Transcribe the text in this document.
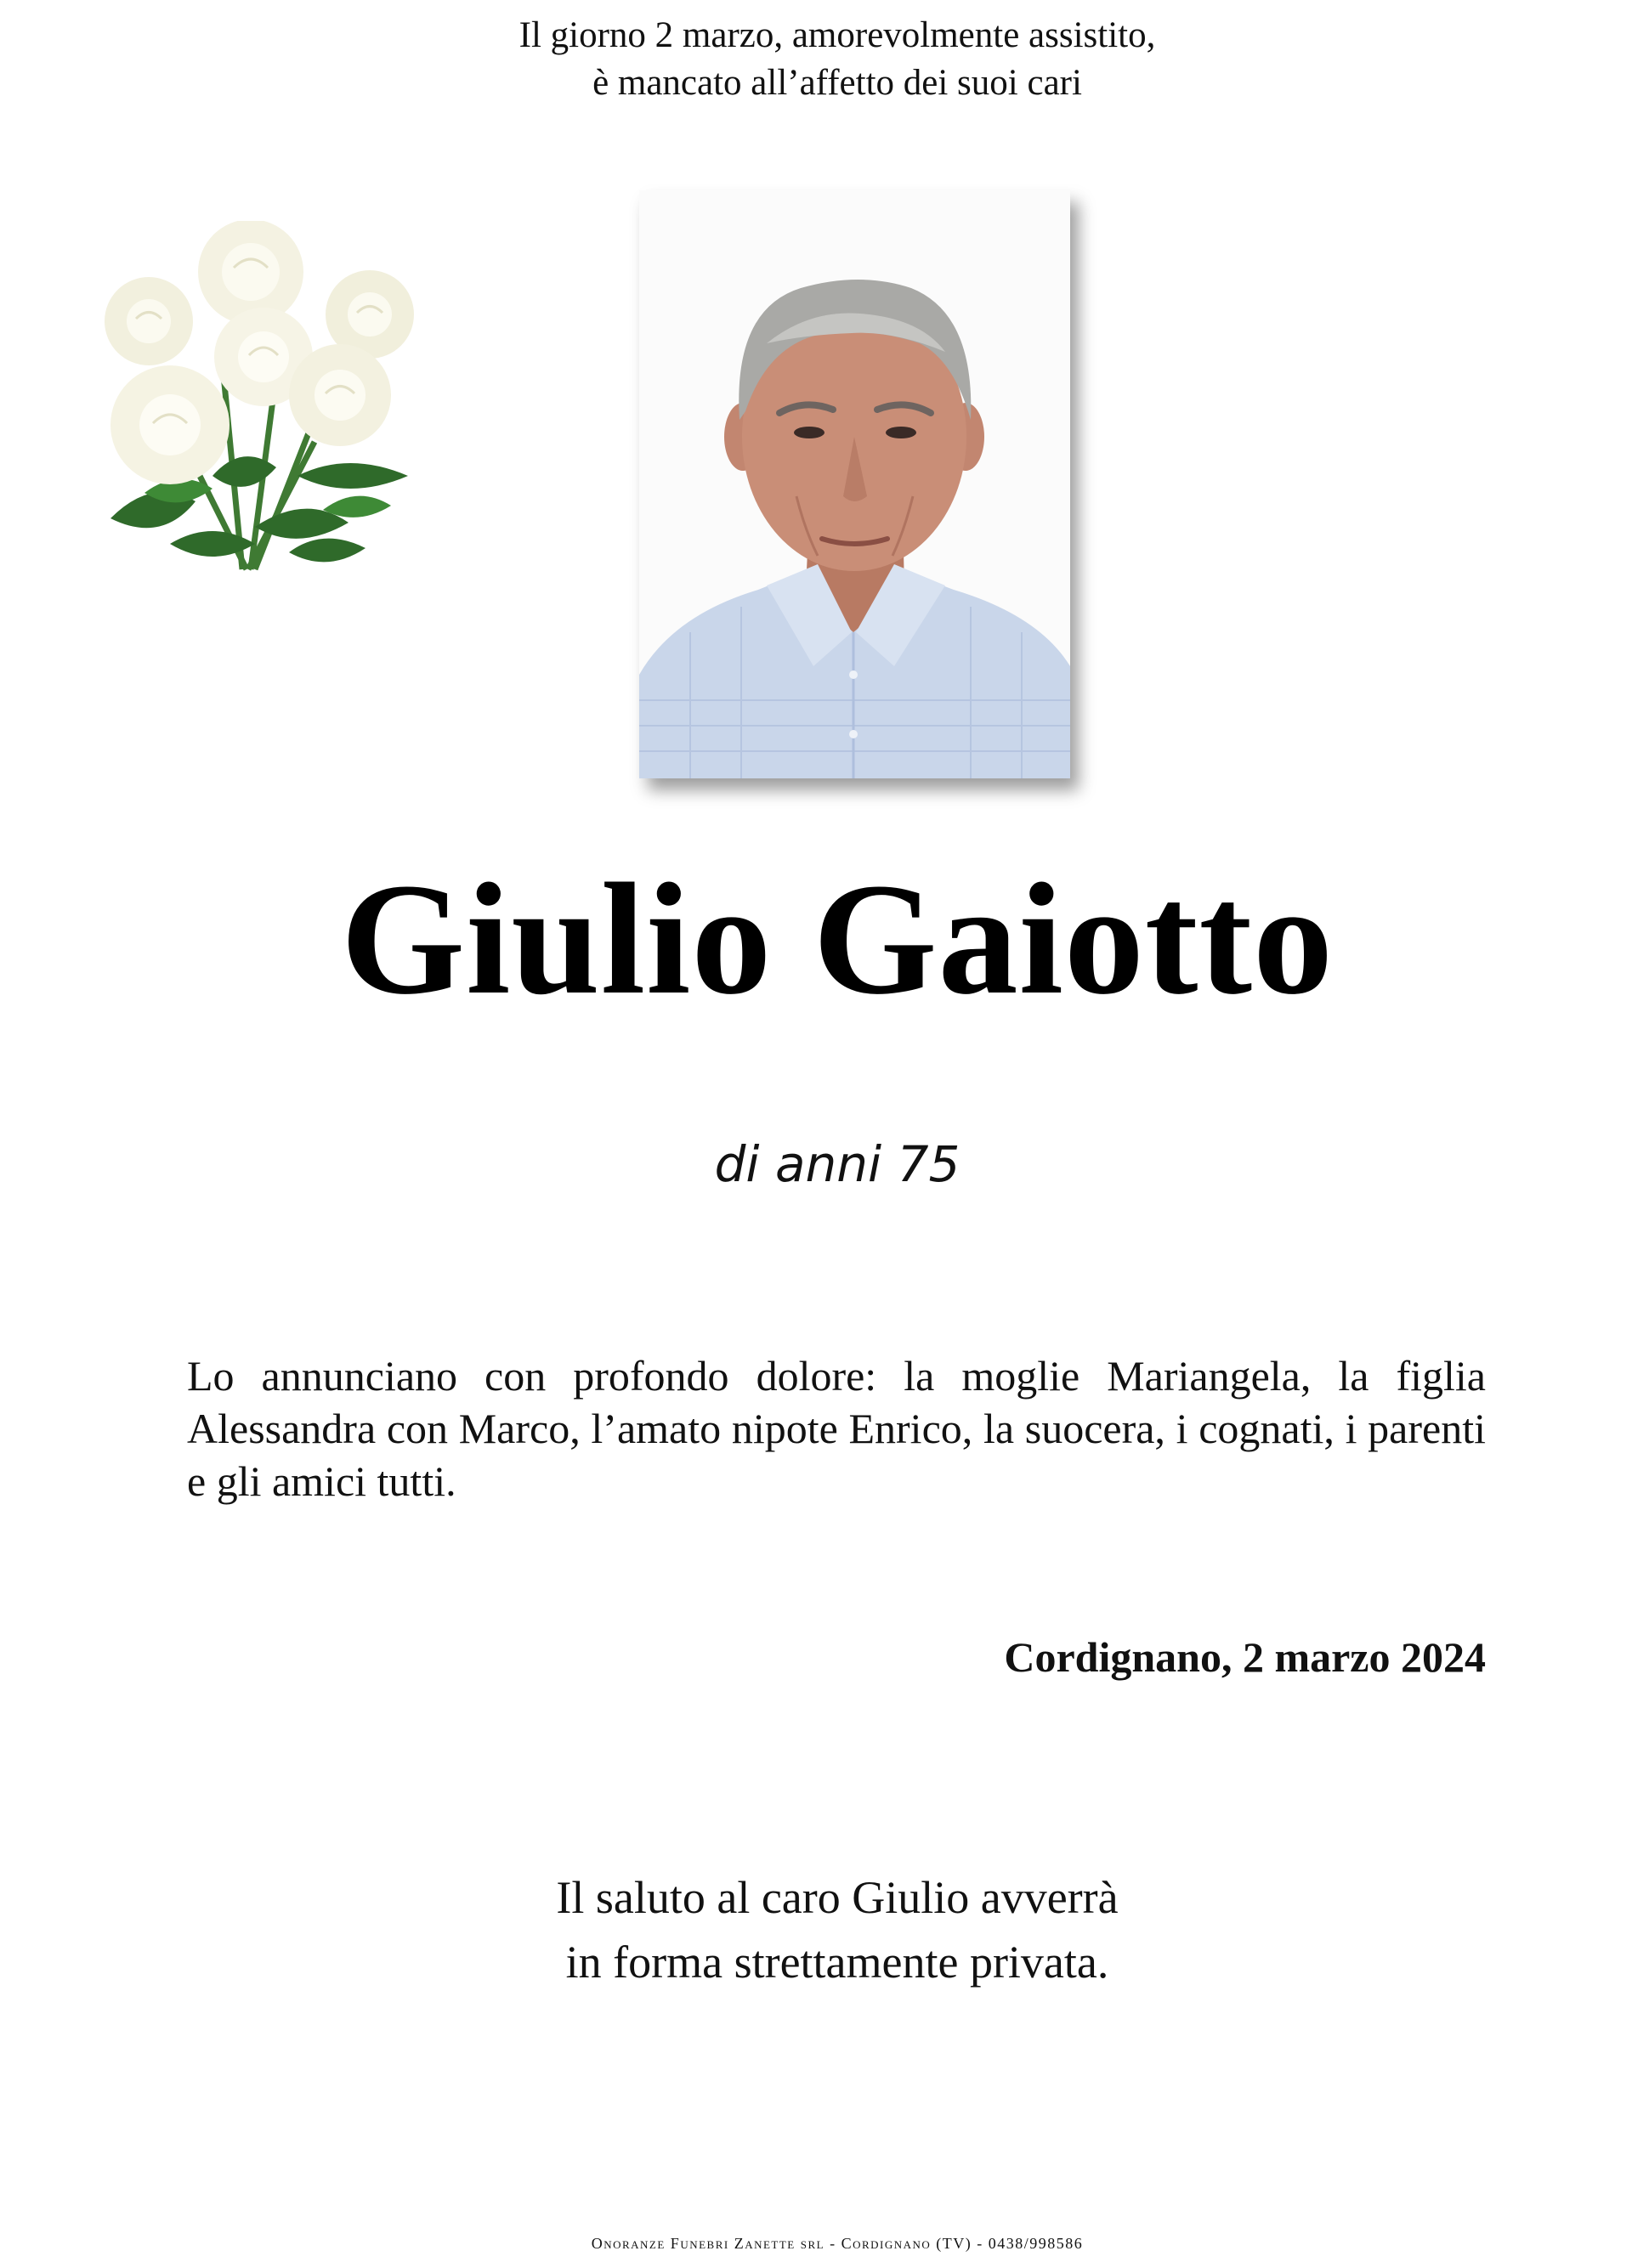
Il giorno 2 marzo, amorevolmente assistito,
è mancato all’affetto dei suoi cari
Giulio Gaiotto
di anni 75
Lo annunciano con profondo dolore: la moglie Mariangela, la figlia Alessandra con Marco, l’amato nipote Enrico, la suocera, i cognati, i parenti e gli amici tutti.
Cordignano, 2 marzo 2024
Il saluto al caro Giulio avverrà
in forma strettamente privata.
Onoranze Funebri Zanette srl - Cordignano (TV) - 0438/998586
